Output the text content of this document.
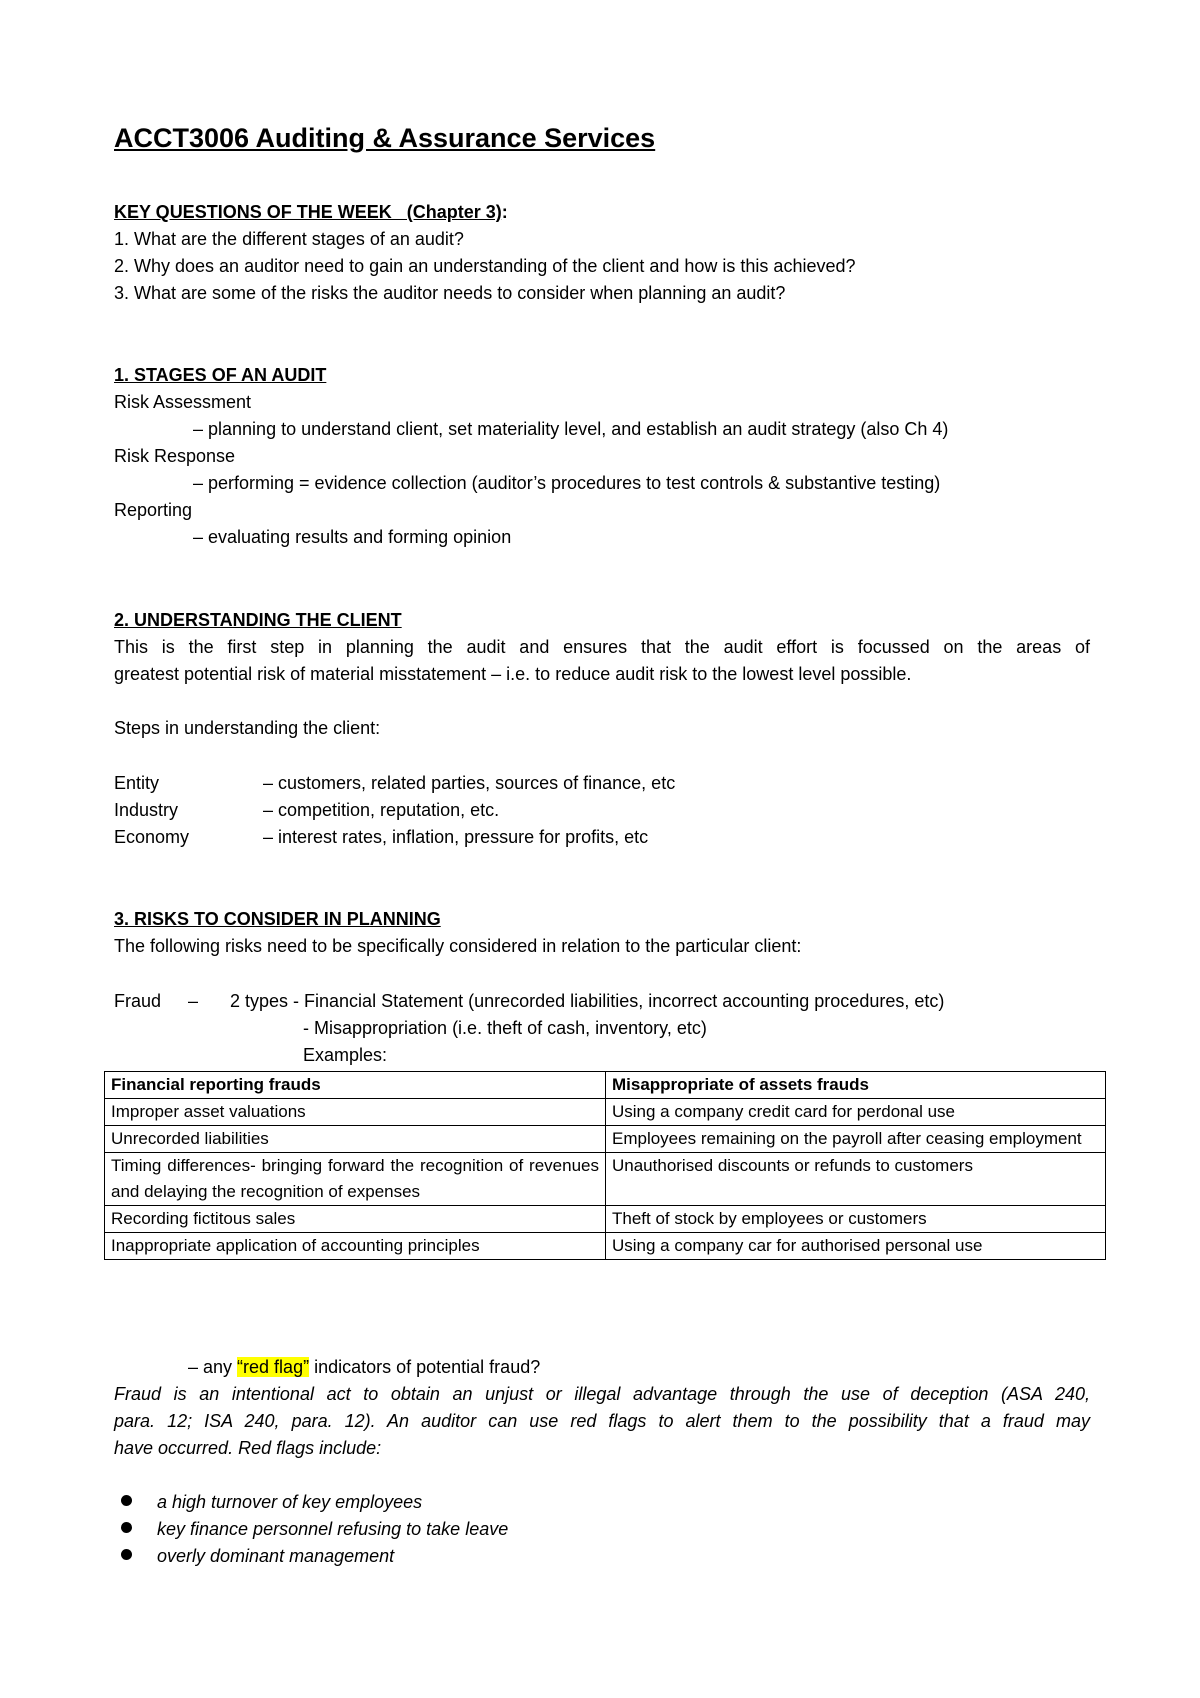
ACCT3006 Auditing & Assurance Services
KEY QUESTIONS OF THE WEEK   (Chapter 3):
1. What are the different stages of an audit?
2. Why does an auditor need to gain an understanding of the client and how is this achieved?
3. What are some of the risks the auditor needs to consider when planning an audit?
1. STAGES OF AN AUDIT
Risk Assessment
– planning to understand client, set materiality level, and establish an audit strategy (also Ch 4)
Risk Response
– performing = evidence collection (auditor’s procedures to test controls & substantive testing)
Reporting
– evaluating results and forming opinion
2. UNDERSTANDING THE CLIENT
This is the first step in planning the audit and ensures that the audit effort is focussed on the areas of
greatest potential risk of material misstatement – i.e. to reduce audit risk to the lowest level possible.
Steps in understanding the client:
Entity	– customers, related parties, sources of finance, etc
Industry	– competition, reputation, etc.
Economy	– interest rates, inflation, pressure for profits, etc
3. RISKS TO CONSIDER IN PLANNING
The following risks need to be specifically considered in relation to the particular client:
Fraud – 2 types - Financial Statement (unrecorded liabilities, incorrect accounting procedures, etc)
- Misappropriation (i.e. theft of cash, inventory, etc)
Examples:
Financial reporting frauds	Misappropriate of assets frauds
Improper asset valuations	Using a company credit card for perdonal use
Unrecorded liabilities	Employees remaining on the payroll after ceasing employment
Timing differences- bringing forward the recognition of revenues and delaying the recognition of expenses	Unauthorised discounts or refunds to customers
Recording fictitous sales	Theft of stock by employees or customers
Inappropriate application of accounting principles	Using a company car for authorised personal use
– any “red flag” indicators of potential fraud?
Fraud is an intentional act to obtain an unjust or illegal advantage through the use of deception (ASA 240,
para. 12; ISA 240, para. 12). An auditor can use red flags to alert them to the possibility that a fraud may
have occurred. Red flags include:
a high turnover of key employees
key finance personnel refusing to take leave
overly dominant management
